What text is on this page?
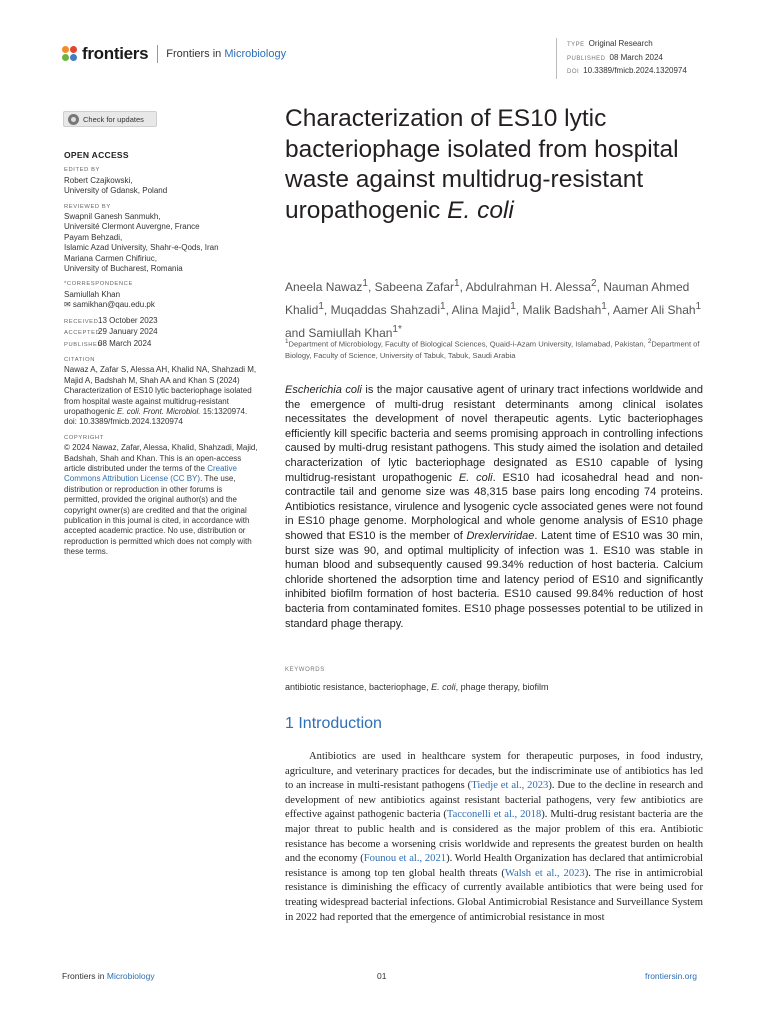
frontiers Frontiers in Microbiology
TYPE Original Research
PUBLISHED 08 March 2024
DOI 10.3389/fmicb.2024.1320974
Check for updates
OPEN ACCESS
EDITED BY
Robert Czajkowski,
University of Gdansk, Poland
REVIEWED BY
Swapnil Ganesh Sanmukh,
Université Clermont Auvergne, France
Payam Behzadi,
Islamic Azad University, Shahr-e-Qods, Iran
Mariana Carmen Chifiriuc,
University of Bucharest, Romania
*CORRESPONDENCE
Samiullah Khan
✉ samikhan@qau.edu.pk
RECEIVED13 October 2023
ACCEPTED29 January 2024
PUBLISHED08 March 2024
CITATION
Nawaz A, Zafar S, Alessa AH, Khalid NA, Shahzadi M, Majid A, Badshah M, Shah AA and Khan S (2024) Characterization of ES10 lytic bacteriophage isolated from hospital waste against multidrug-resistant uropathogenic E. coli. Front. Microbiol. 15:1320974.
doi: 10.3389/fmicb.2024.1320974
COPYRIGHT
© 2024 Nawaz, Zafar, Alessa, Khalid, Shahzadi, Majid, Badshah, Shah and Khan. This is an open-access article distributed under the terms of the Creative Commons Attribution License (CC BY). The use, distribution or reproduction in other forums is permitted, provided the original author(s) and the copyright owner(s) are credited and that the original publication in this journal is cited, in accordance with accepted academic practice. No use, distribution or reproduction is permitted which does not comply with these terms.
Characterization of ES10 lytic bacteriophage isolated from hospital waste against multidrug-resistant uropathogenic E. coli
Aneela Nawaz$^1$, Sabeena Zafar$^1$, Abdulrahman H. Alessa$^2$, Nauman Ahmed Khalid$^1$, Muqaddas Shahzadi$^1$, Alina Majid$^1$, Malik Badshah$^1$, Aamer Ali Shah$^1$ and Samiullah Khan$^{1*}$
$^1$Department of Microbiology, Faculty of Biological Sciences, Quaid-i-Azam University, Islamabad, Pakistan, $^2$Department of Biology, Faculty of Science, University of Tabuk, Tabuk, Saudi Arabia
Escherichia coli is the major causative agent of urinary tract infections worldwide and the emergence of multi-drug resistant determinants among clinical isolates necessitates the development of novel therapeutic agents. Lytic bacteriophages efficiently kill specific bacteria and seems promising approach in controlling infections caused by multi-drug resistant pathogens. This study aimed the isolation and detailed characterization of lytic bacteriophage designated as ES10 capable of lysing multidrug-resistant uropathogenic E. coli. ES10 had icosahedral head and non-contractile tail and genome size was 48,315 base pairs long encoding 74 proteins. Antibiotics resistance, virulence and lysogenic cycle associated genes were not found in ES10 phage genome. Morphological and whole genome analysis of ES10 phage showed that ES10 is the member of Drexlerviridae. Latent time of ES10 was 30 min, burst size was 90, and optimal multiplicity of infection was 1. ES10 was stable in human blood and subsequently caused 99.34% reduction of host bacteria. Calcium chloride shortened the adsorption time and latency period of ES10 and significantly inhibited biofilm formation of host bacteria. ES10 caused 99.84% reduction of host bacteria from contaminated fomites. ES10 phage possesses potential to be utilized in standard phage therapy.
KEYWORDS
antibiotic resistance, bacteriophage, E. coli, phage therapy, biofilm
1 Introduction
Antibiotics are used in healthcare system for therapeutic purposes, in food industry, agriculture, and veterinary practices for decades, but the indiscriminate use of antibiotics has led to an increase in multi-resistant pathogens (Tiedje et al., 2023). Due to the decline in research and development of new antibiotics against resistant bacterial pathogens, very few antibiotics are effective against pathogenic bacteria (Tacconelli et al., 2018). Multi-drug resistant bacteria are the major threat to public health and is considered as the major problem of this era. Antibiotic resistance has become a worsening crisis worldwide and represents the greatest burden on health and the economy (Founou et al., 2021). World Health Organization has declared that antimicrobial resistance is among top ten global health threats (Walsh et al., 2023). The rise in antimicrobial resistance is diminishing the efficacy of currently available antibiotics that were being used for treating widespread bacterial infections. Global Antimicrobial Resistance and Surveillance System in 2022 had reported that the emergence of antimicrobial resistance in most
Frontiers in Microbiology	01	frontiersin.org
